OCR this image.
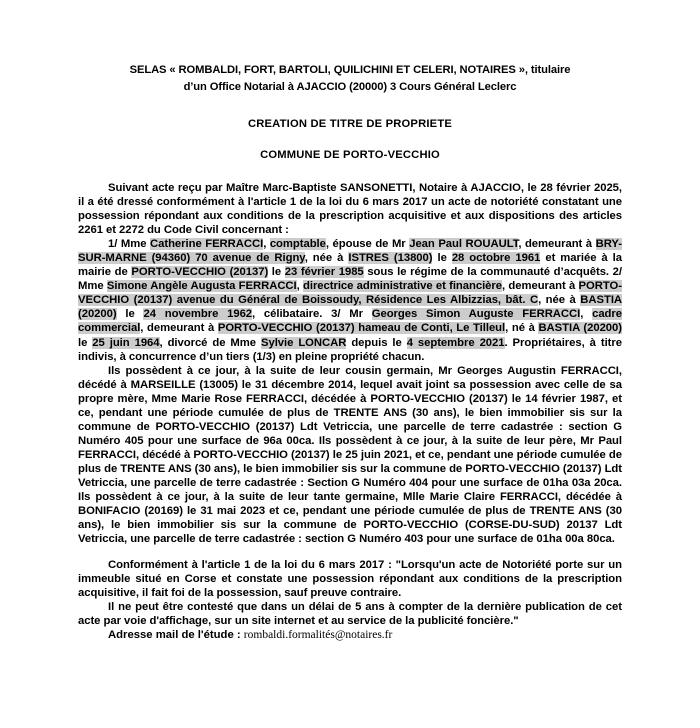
SELAS « ROMBALDI, FORT, BARTOLI, QUILICHINI ET CELERI, NOTAIRES », titulaire
d’un Office Notarial à AJACCIO (20000) 3 Cours Général Leclerc
CREATION DE TITRE DE PROPRIETE
COMMUNE DE PORTO-VECCHIO

Suivant acte reçu par Maître Marc-Baptiste SANSONETTI, Notaire à AJACCIO, le 28 février 2025, il a été dressé conformément à l'article 1 de la loi du 6 mars 2017 un acte de notoriété constatant une possession répondant aux conditions de la prescription acquisitive et aux dispositions des articles 2261 et 2272 du Code Civil concernant :

1/ Mme Catherine FERRACCI, comptable, épouse de Mr Jean Paul ROUAULT, demeurant à BRY-SUR-MARNE (94360) 70 avenue de Rigny, née à ISTRES (13800) le 28 octobre 1961 et mariée à la mairie de PORTO-VECCHIO (20137) le 23 février 1985 sous le régime de la communauté d’acquêts. 2/ Mme Simone Angèle Augusta FERRACCI, directrice administrative et financière, demeurant à PORTO-VECCHIO (20137) avenue du Général de Boissoudy, Résidence Les Albizzias, bât. C, née à BASTIA (20200) le 24 novembre 1962, célibataire. 3/ Mr Georges Simon Auguste FERRACCI, cadre commercial, demeurant à PORTO-VECCHIO (20137) hameau de Conti, Le Tilleul, né à BASTIA (20200) le 25 juin 1964, divorcé de Mme Sylvie LONCAR depuis le 4 septembre 2021. Propriétaires, à titre indivis, à concurrence d’un tiers (1/3) en pleine propriété chacun.

Ils possèdent à ce jour, à la suite de leur cousin germain, Mr Georges Augustin FERRACCI, décédé à MARSEILLE (13005) le 31 décembre 2014, lequel avait joint sa possession avec celle de sa propre mère, Mme Marie Rose FERRACCI, décédée à PORTO-VECCHIO (20137) le 14 février 1987, et ce, pendant une période cumulée de plus de TRENTE ANS (30 ans), le bien immobilier sis sur la commune de PORTO-VECCHIO (20137) Ldt Vetriccia, une parcelle de terre cadastrée : section G Numéro 405 pour une surface de 96a 00ca. Ils possèdent à ce jour, à la suite de leur père, Mr Paul FERRACCI, décédé à PORTO-VECCHIO (20137) le 25 juin 2021, et ce, pendant une période cumulée de plus de TRENTE ANS (30 ans), le bien immobilier sis sur la commune de PORTO-VECCHIO (20137) Ldt Vetriccia, une parcelle de terre cadastrée : Section G Numéro 404 pour une surface de 01ha 03a 20ca. Ils possèdent à ce jour, à la suite de leur tante germaine, Mlle Marie Claire FERRACCI, décédée à BONIFACIO (20169) le 31 mai 2023 et ce, pendant une période cumulée de plus de TRENTE ANS (30 ans), le bien immobilier sis sur la commune de PORTO-VECCHIO (CORSE-DU-SUD) 20137 Ldt Vetriccia, une parcelle de terre cadastrée : section G Numéro 403 pour une surface de 01ha 00a 80ca.

Conformément à l'article 1 de la loi du 6 mars 2017 : "Lorsqu'un acte de Notoriété porte sur un immeuble situé en Corse et constate une possession répondant aux conditions de la prescription acquisitive, il fait foi de la possession, sauf preuve contraire.

Il ne peut être contesté que dans un délai de 5 ans à compter de la dernière publication de cet acte par voie d'affichage, sur un site internet et au service de la publicité foncière."

Adresse mail de l'étude : rombaldi.formalités@notaires.fr
